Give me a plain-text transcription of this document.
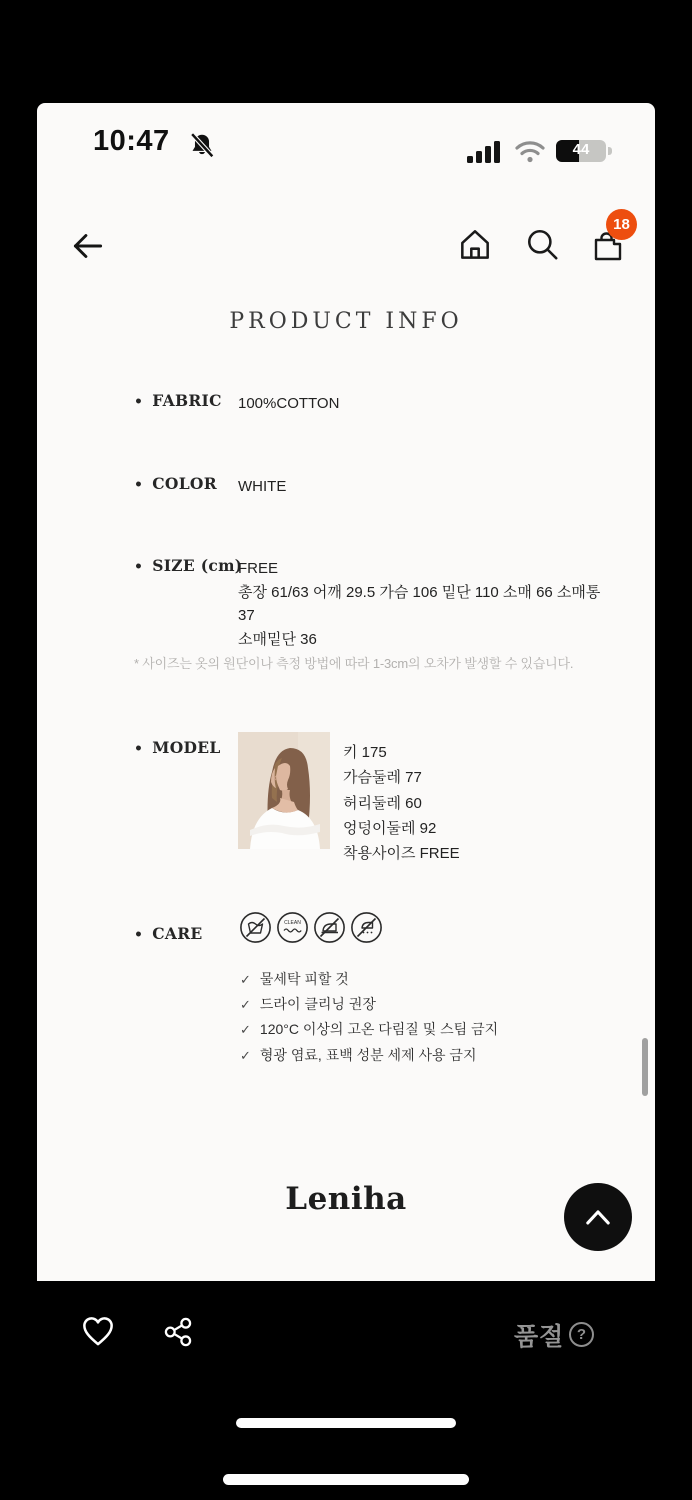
10:47	44
18
PRODUCT INFO
• FABRIC 100%COTTON
• COLOR WHITE
• SIZE (cm)
FREE
총장 61/63 어깨 29.5 가슴 106 밑단 110 소매 66 소매통 37
소매밑단 36
* 사이즈는 옷의 원단이나 측정 방법에 따라 1-3cm의 오차가 발생할 수 있습니다.
• MODEL	키 175
가슴둘레 77
허리둘레 60
엉덩이둘레 92
착용사이즈 FREE
• CARE
CLEAN
✓ 물세탁 피할 것
✓ 드라이 클리닝 권장
✓ 120°C 이상의 고온 다림질 및 스팀 금지
✓ 형광 염료, 표백 성분 세제 사용 금지
Leniha
품절 ?
